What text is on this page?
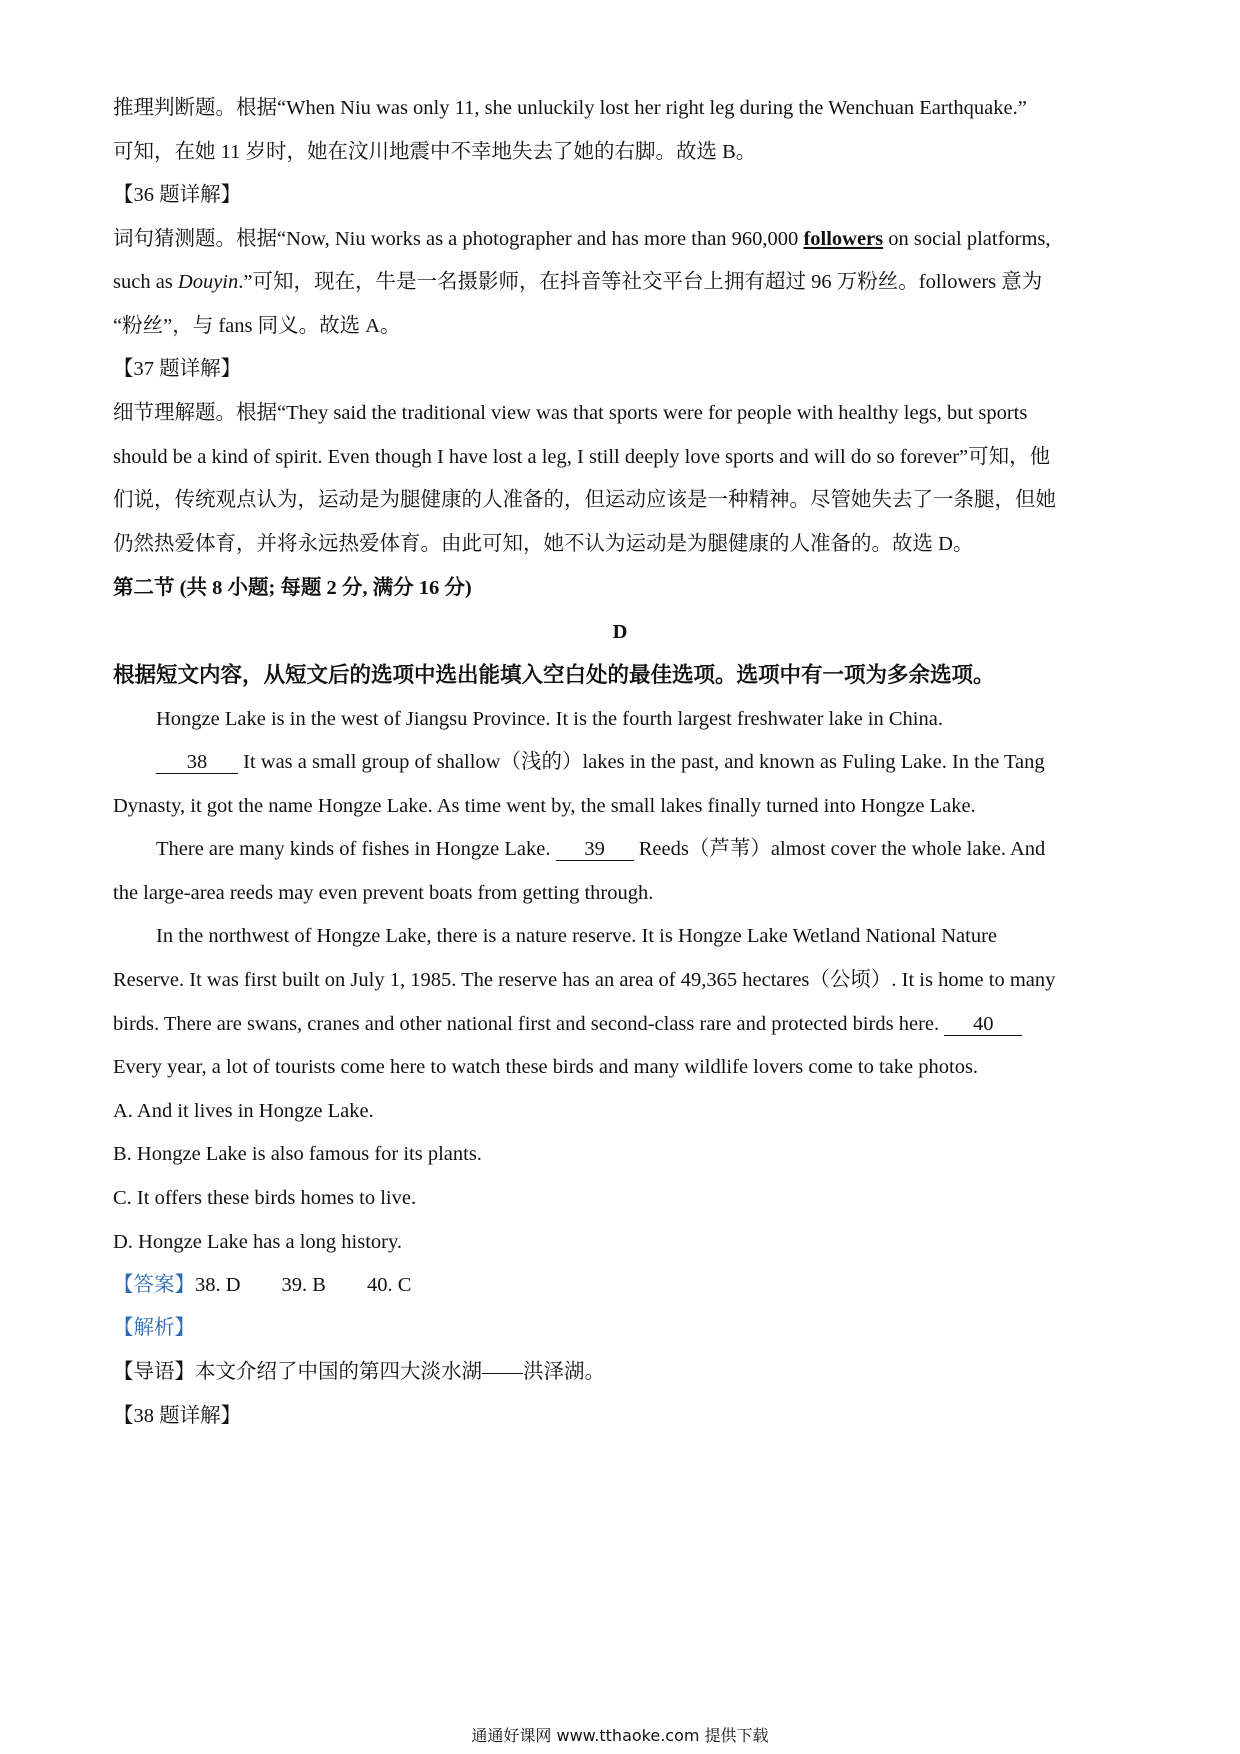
推理判断题。根据“When Niu was only 11, she unluckily lost her right leg during the Wenchuan Earthquake.”
可知，在她 11 岁时，她在汶川地震中不幸地失去了她的右脚。故选 B。
【36 题详解】
词句猜测题。根据“Now, Niu works as a photographer and has more than 960,000 followers on social platforms,
such as Douyin.”可知，现在，牛是一名摄影师，在抖音等社交平台上拥有超过 96 万粉丝。followers 意为
“粉丝”，与 fans 同义。故选 A。
【37 题详解】
细节理解题。根据“They said the traditional view was that sports were for people with healthy legs, but sports
should be a kind of spirit. Even though I have lost a leg, I still deeply love sports and will do so forever”可知，他
们说，传统观点认为，运动是为腿健康的人准备的，但运动应该是一种精神。尽管她失去了一条腿，但她
仍然热爱体育，并将永远热爱体育。由此可知，她不认为运动是为腿健康的人准备的。故选 D。
第二节 (共 8 小题; 每题 2 分, 满分 16 分)
D
根据短文内容，从短文后的选项中选出能填入空白处的最佳选项。选项中有一项为多余选项。
Hongze Lake is in the west of Jiangsu Province. It is the fourth largest freshwater lake in China.
38 It was a small group of shallow（浅的）lakes in the past, and known as Fuling Lake. In the Tang
Dynasty, it got the name Hongze Lake. As time went by, the small lakes finally turned into Hongze Lake.
There are many kinds of fishes in Hongze Lake. 39 Reeds（芦苇）almost cover the whole lake. And
the large-area reeds may even prevent boats from getting through.
In the northwest of Hongze Lake, there is a nature reserve. It is Hongze Lake Wetland National Nature
Reserve. It was first built on July 1, 1985. The reserve has an area of 49,365 hectares（公顷）. It is home to many
birds. There are swans, cranes and other national first and second-class rare and protected birds here. 40
Every year, a lot of tourists come here to watch these birds and many wildlife lovers come to take photos.
A. And it lives in Hongze Lake.
B. Hongze Lake is also famous for its plants.
C. It offers these birds homes to live.
D. Hongze Lake has a long history.
【答案】38. D        39. B        40. C
【解析】
【导语】本文介绍了中国的第四大淡水湖——洪泽湖。
【38 题详解】
通通好课网 www.tthaoke.com 提供下载
